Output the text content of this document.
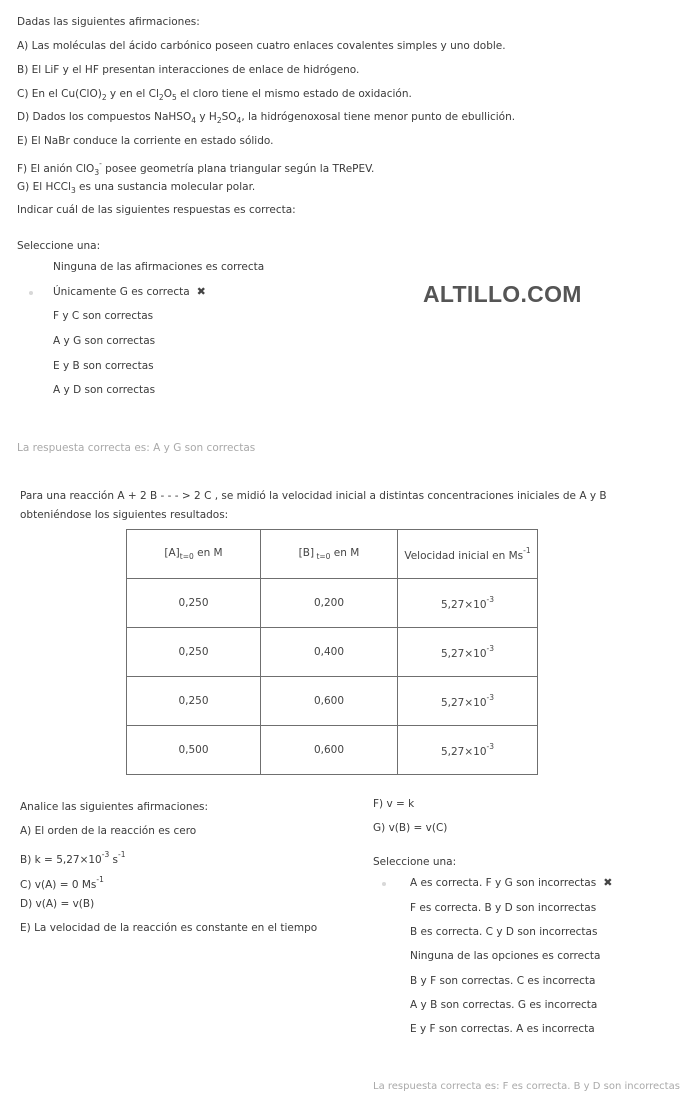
Dadas las siguientes afirmaciones:
A) Las moléculas del ácido carbónico poseen cuatro enlaces covalentes simples y uno doble.
B) El LiF y el HF presentan interacciones de enlace de hidrógeno.
C) En el $Cu(ClO)_2$ y en el $Cl_2O_5$ el cloro tiene el mismo estado de oxidación.
D) Dados los compuestos NaHSO$_4$ y $H_2SO_4$, la hidrógenoxosal tiene menor punto de ebullición.
E) El NaBr conduce la corriente en estado sólido.
F) El anión ClO$_3$- posee geometría plana triangular según la TRePEV.
G) El HCCl$_3$ es una sustancia molecular polar.
Indicar cuál de las siguientes respuestas es correcta:
Seleccione una:
Ninguna de las afirmaciones es correcta
Únicamente G es correcta ✖
F y C son correctas
A y G son correctas
E y B son correctas
A y D son correctas
ALTILLO.COM
La respuesta correcta es: A y G son correctas
Para una reacción A + 2 B - - - > 2 C , se midió la velocidad inicial a distintas concentraciones iniciales de A y B
obteniéndose los siguientes resultados:
$[A]_{t=0}$ en M	[B] $_{t=0}$ en M	Velocidad inicial en $Ms^{-1}$
0,250	0,200	$5,27\times 10^{-3}$
0,250	0,400	$5,27\times 10^{-3}$
0,250	0,600	$5,27\times 10^{-3}$
0,500	0,600	$5,27\times 10^{-3}$
Analice las siguientes afirmaciones:
A) El orden de la reacción es cero
B) $k = 5,27\times 10^{-3}$ $s^{-1}$
C) v(A) = 0 $Ms^{-1}$
D) v(A) = v(B)
E) La velocidad de la reacción es constante en el tiempo
F) v = k
G) v(B) = v(C)
Seleccione una:
A es correcta. F y G son incorrectas ✖
F es correcta. B y D son incorrectas
B es correcta. C y D son incorrectas
Ninguna de las opciones es correcta
B y F son correctas. C es incorrecta
A y B son correctas. G es incorrecta
E y F son correctas. A es incorrecta
La respuesta correcta es: F es correcta. B y D son incorrectas
